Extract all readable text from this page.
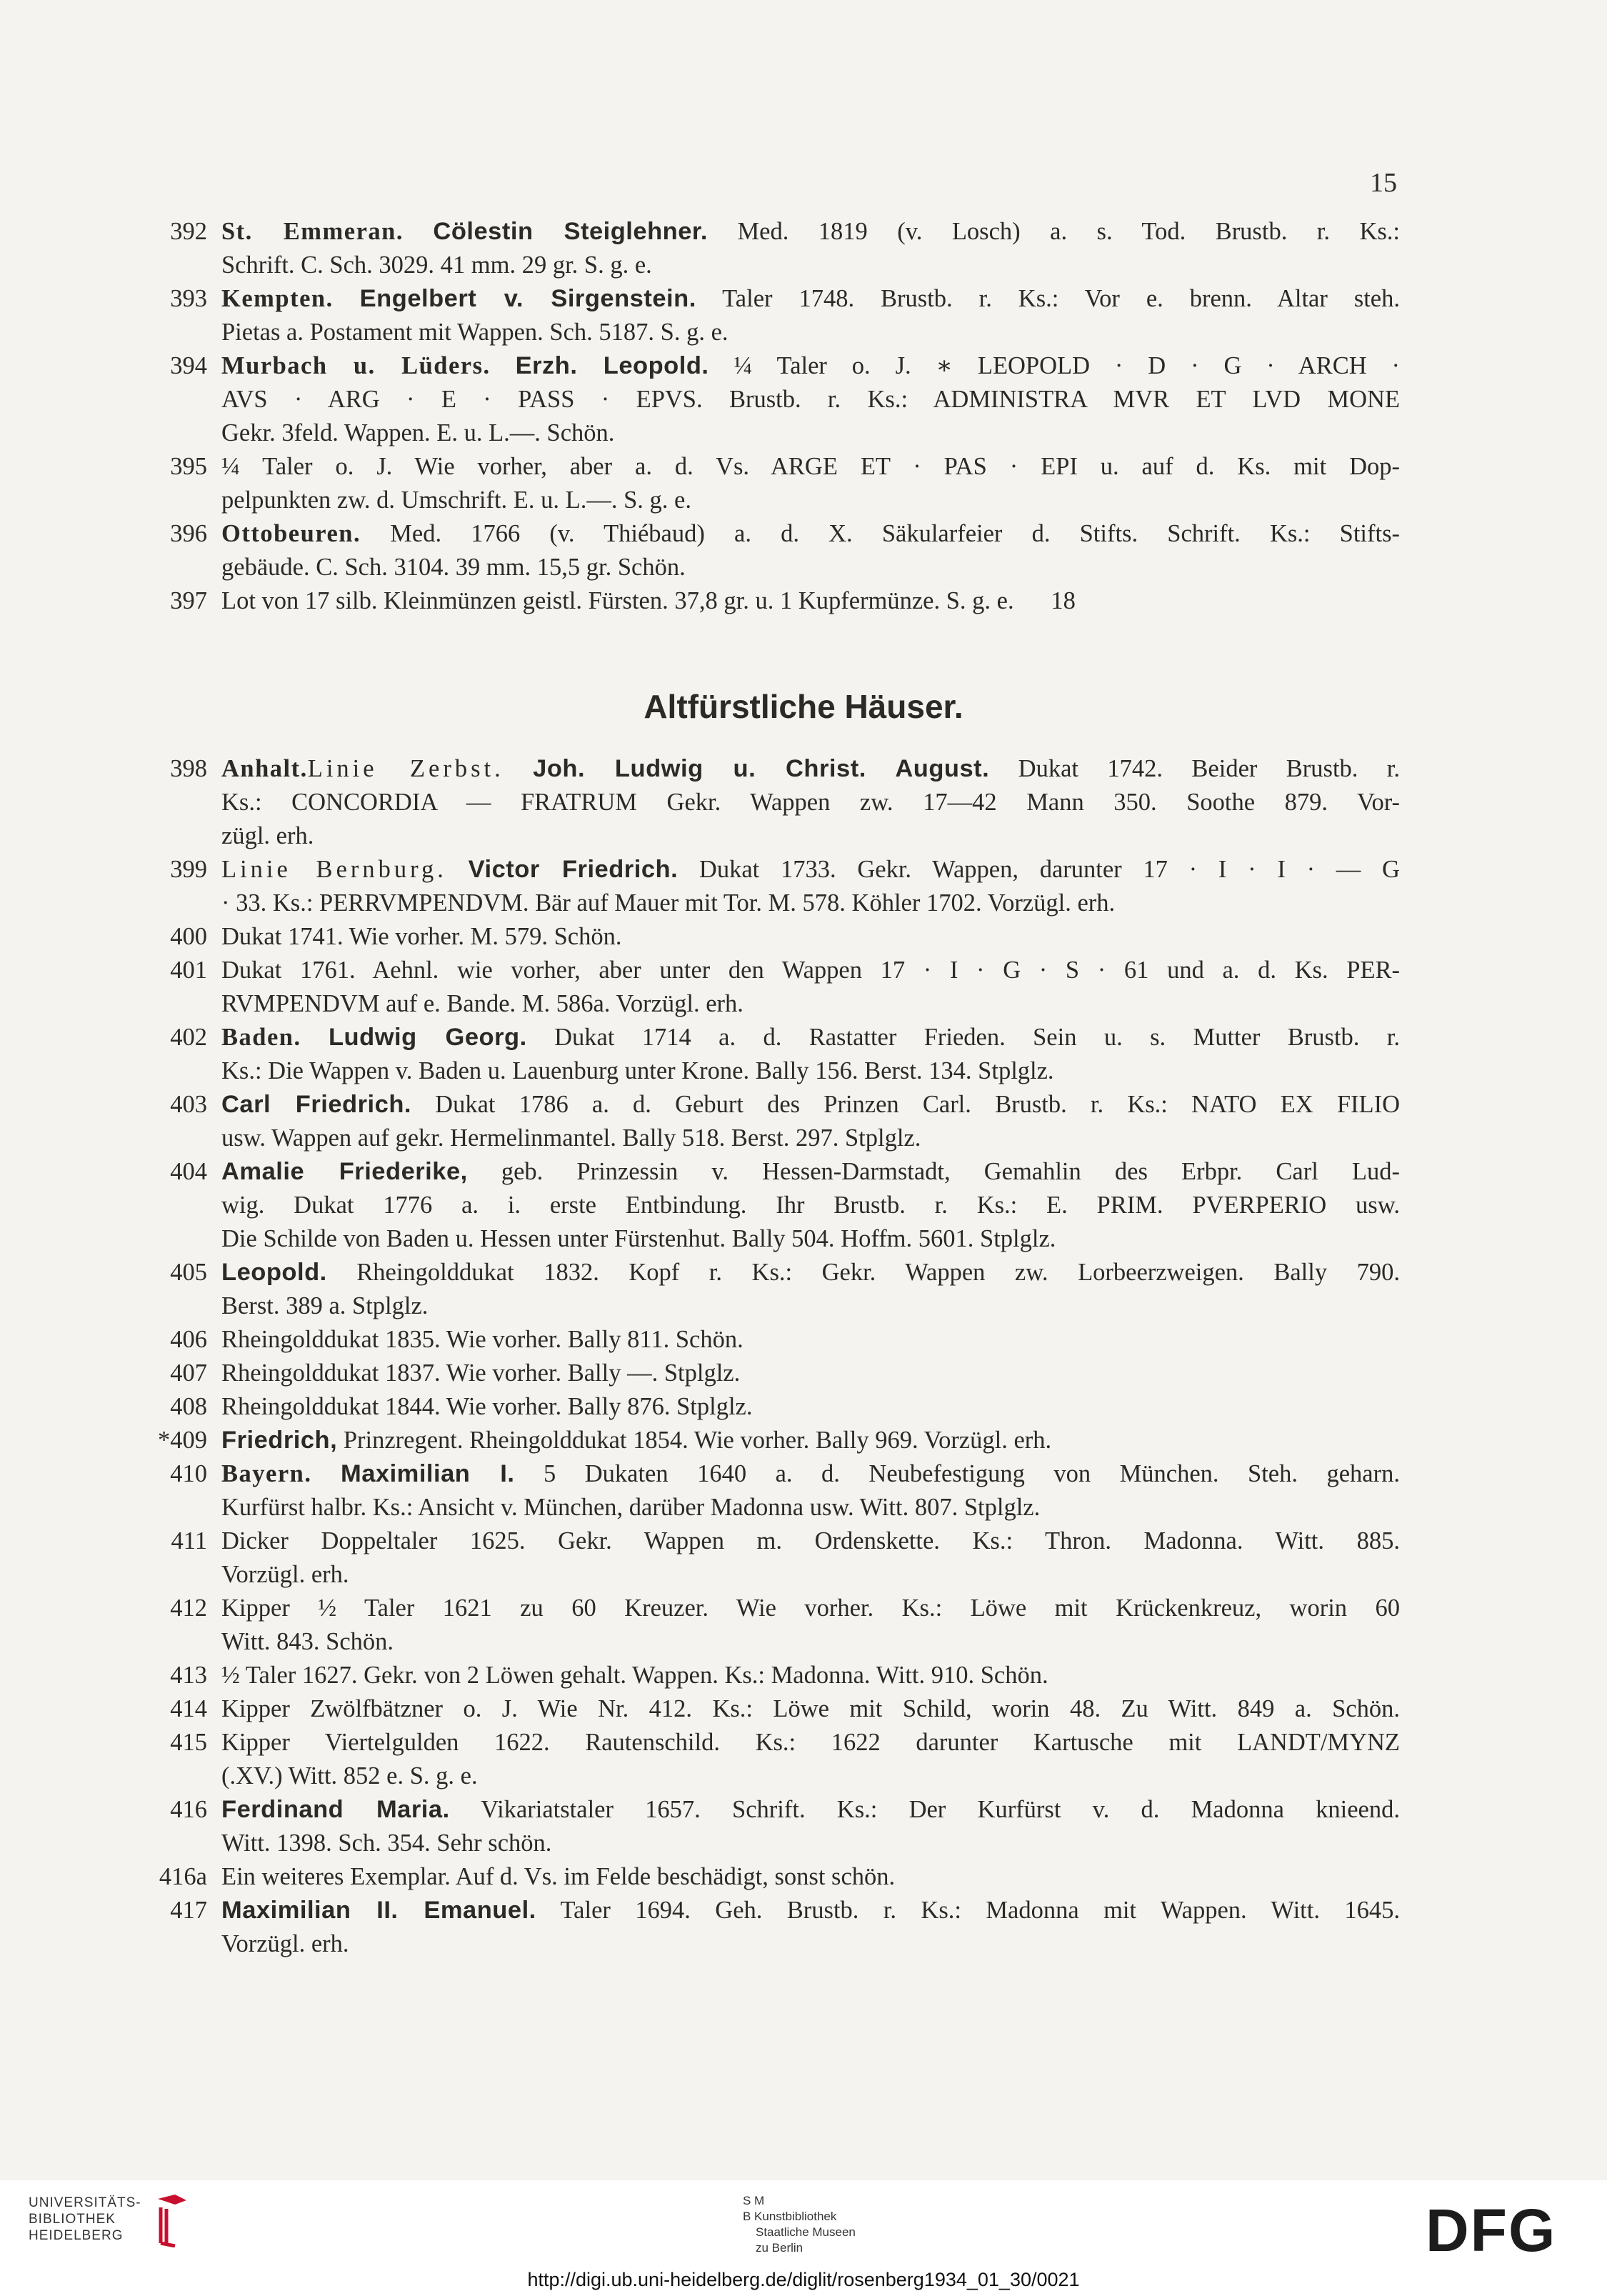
15
392 St. Emmeran. Cölestin Steiglehner. Med. 1819 (v. Losch) a. s. Tod. Brustb. r. Ks.:
Schrift. C. Sch. 3029. 41 mm. 29 gr. S. g. e.
393 Kempten. Engelbert v. Sirgenstein. Taler 1748. Brustb. r. Ks.: Vor e. brenn. Altar steh.
Pietas a. Postament mit Wappen. Sch. 5187. S. g. e.
394 Murbach u. Lüders. Erzh. Leopold. ¼ Taler o. J. ∗ LEOPOLD · D · G · ARCH ·
AVS · ARG · E · PASS · EPVS. Brustb. r. Ks.: ADMINISTRA MVR ET LVD MONE
Gekr. 3feld. Wappen. E. u. L.—. Schön.
395 ¼ Taler o. J. Wie vorher, aber a. d. Vs. ARGE ET · PAS · EPI u. auf d. Ks. mit Dop-
pelpunkten zw. d. Umschrift. E. u. L.—. S. g. e.
396 Ottobeuren. Med. 1766 (v. Thiébaud) a. d. X. Säkularfeier d. Stifts. Schrift. Ks.: Stifts-
gebäude. C. Sch. 3104. 39 mm. 15,5 gr. Schön.
397 Lot von 17 silb. Kleinmünzen geistl. Fürsten. 37,8 gr. u. 1 Kupfermünze. S. g. e.      18
Altfürstliche Häuser.
398 Anhalt.Linie Zerbst. Joh. Ludwig u. Christ. August. Dukat 1742. Beider Brustb. r.
Ks.: CONCORDIA — FRATRUM Gekr. Wappen zw. 17—42 Mann 350. Soothe 879. Vor-
zügl. erh.
399 Linie Bernburg. Victor Friedrich. Dukat 1733. Gekr. Wappen, darunter 17 · I · I · — G
· 33. Ks.: PERRVMPENDVM. Bär auf Mauer mit Tor. M. 578. Köhler 1702. Vorzügl. erh.
400 Dukat 1741. Wie vorher. M. 579. Schön.
401 Dukat 1761. Aehnl. wie vorher, aber unter den Wappen 17 · I · G · S · 61 und a. d. Ks. PER-
RVMPENDVM auf e. Bande. M. 586a. Vorzügl. erh.
402 Baden. Ludwig Georg. Dukat 1714 a. d. Rastatter Frieden. Sein u. s. Mutter Brustb. r.
Ks.: Die Wappen v. Baden u. Lauenburg unter Krone. Bally 156. Berst. 134. Stplglz.
403 Carl Friedrich. Dukat 1786 a. d. Geburt des Prinzen Carl. Brustb. r. Ks.: NATO EX FILIO
usw. Wappen auf gekr. Hermelinmantel. Bally 518. Berst. 297. Stplglz.
404 Amalie Friederike, geb. Prinzessin v. Hessen-Darmstadt, Gemahlin des Erbpr. Carl Lud-
wig. Dukat 1776 a. i. erste Entbindung. Ihr Brustb. r. Ks.: E. PRIM. PVERPERIO usw.
Die Schilde von Baden u. Hessen unter Fürstenhut. Bally 504. Hoffm. 5601. Stplglz.
405 Leopold. Rheingolddukat 1832. Kopf r. Ks.: Gekr. Wappen zw. Lorbeerzweigen. Bally 790.
Berst. 389 a. Stplglz.
406 Rheingolddukat 1835. Wie vorher. Bally 811. Schön.
407 Rheingolddukat 1837. Wie vorher. Bally —. Stplglz.
408 Rheingolddukat 1844. Wie vorher. Bally 876. Stplglz.
*409 Friedrich, Prinzregent. Rheingolddukat 1854. Wie vorher. Bally 969. Vorzügl. erh.
410 Bayern. Maximilian I. 5 Dukaten 1640 a. d. Neubefestigung von München. Steh. geharn.
Kurfürst halbr. Ks.: Ansicht v. München, darüber Madonna usw. Witt. 807. Stplglz.
411 Dicker Doppeltaler 1625. Gekr. Wappen m. Ordenskette. Ks.: Thron. Madonna. Witt. 885.
Vorzügl. erh.
412 Kipper ½ Taler 1621 zu 60 Kreuzer. Wie vorher. Ks.: Löwe mit Krückenkreuz, worin 60
Witt. 843. Schön.
413 ½ Taler 1627. Gekr. von 2 Löwen gehalt. Wappen. Ks.: Madonna. Witt. 910. Schön.
414 Kipper Zwölfbätzner o. J. Wie Nr. 412. Ks.: Löwe mit Schild, worin 48. Zu Witt. 849 a. Schön.
415 Kipper Viertelgulden 1622. Rautenschild. Ks.: 1622 darunter Kartusche mit LANDT/MYNZ
(.XV.) Witt. 852 e. S. g. e.
416 Ferdinand Maria. Vikariatstaler 1657. Schrift. Ks.: Der Kurfürst v. d. Madonna knieend.
Witt. 1398. Sch. 354. Sehr schön.
416a Ein weiteres Exemplar. Auf d. Vs. im Felde beschädigt, sonst schön.
417 Maximilian II. Emanuel. Taler 1694. Geh. Brustb. r. Ks.: Madonna mit Wappen. Witt. 1645.
Vorzügl. erh.
UNIVERSITÄTS-
BIBLIOTHEK
HEIDELBERG
S M
B Kunstbibliothek
Staatliche Museen
zu Berlin	DFG
http://digi.ub.uni-heidelberg.de/diglit/rosenberg1934_01_30/0021
